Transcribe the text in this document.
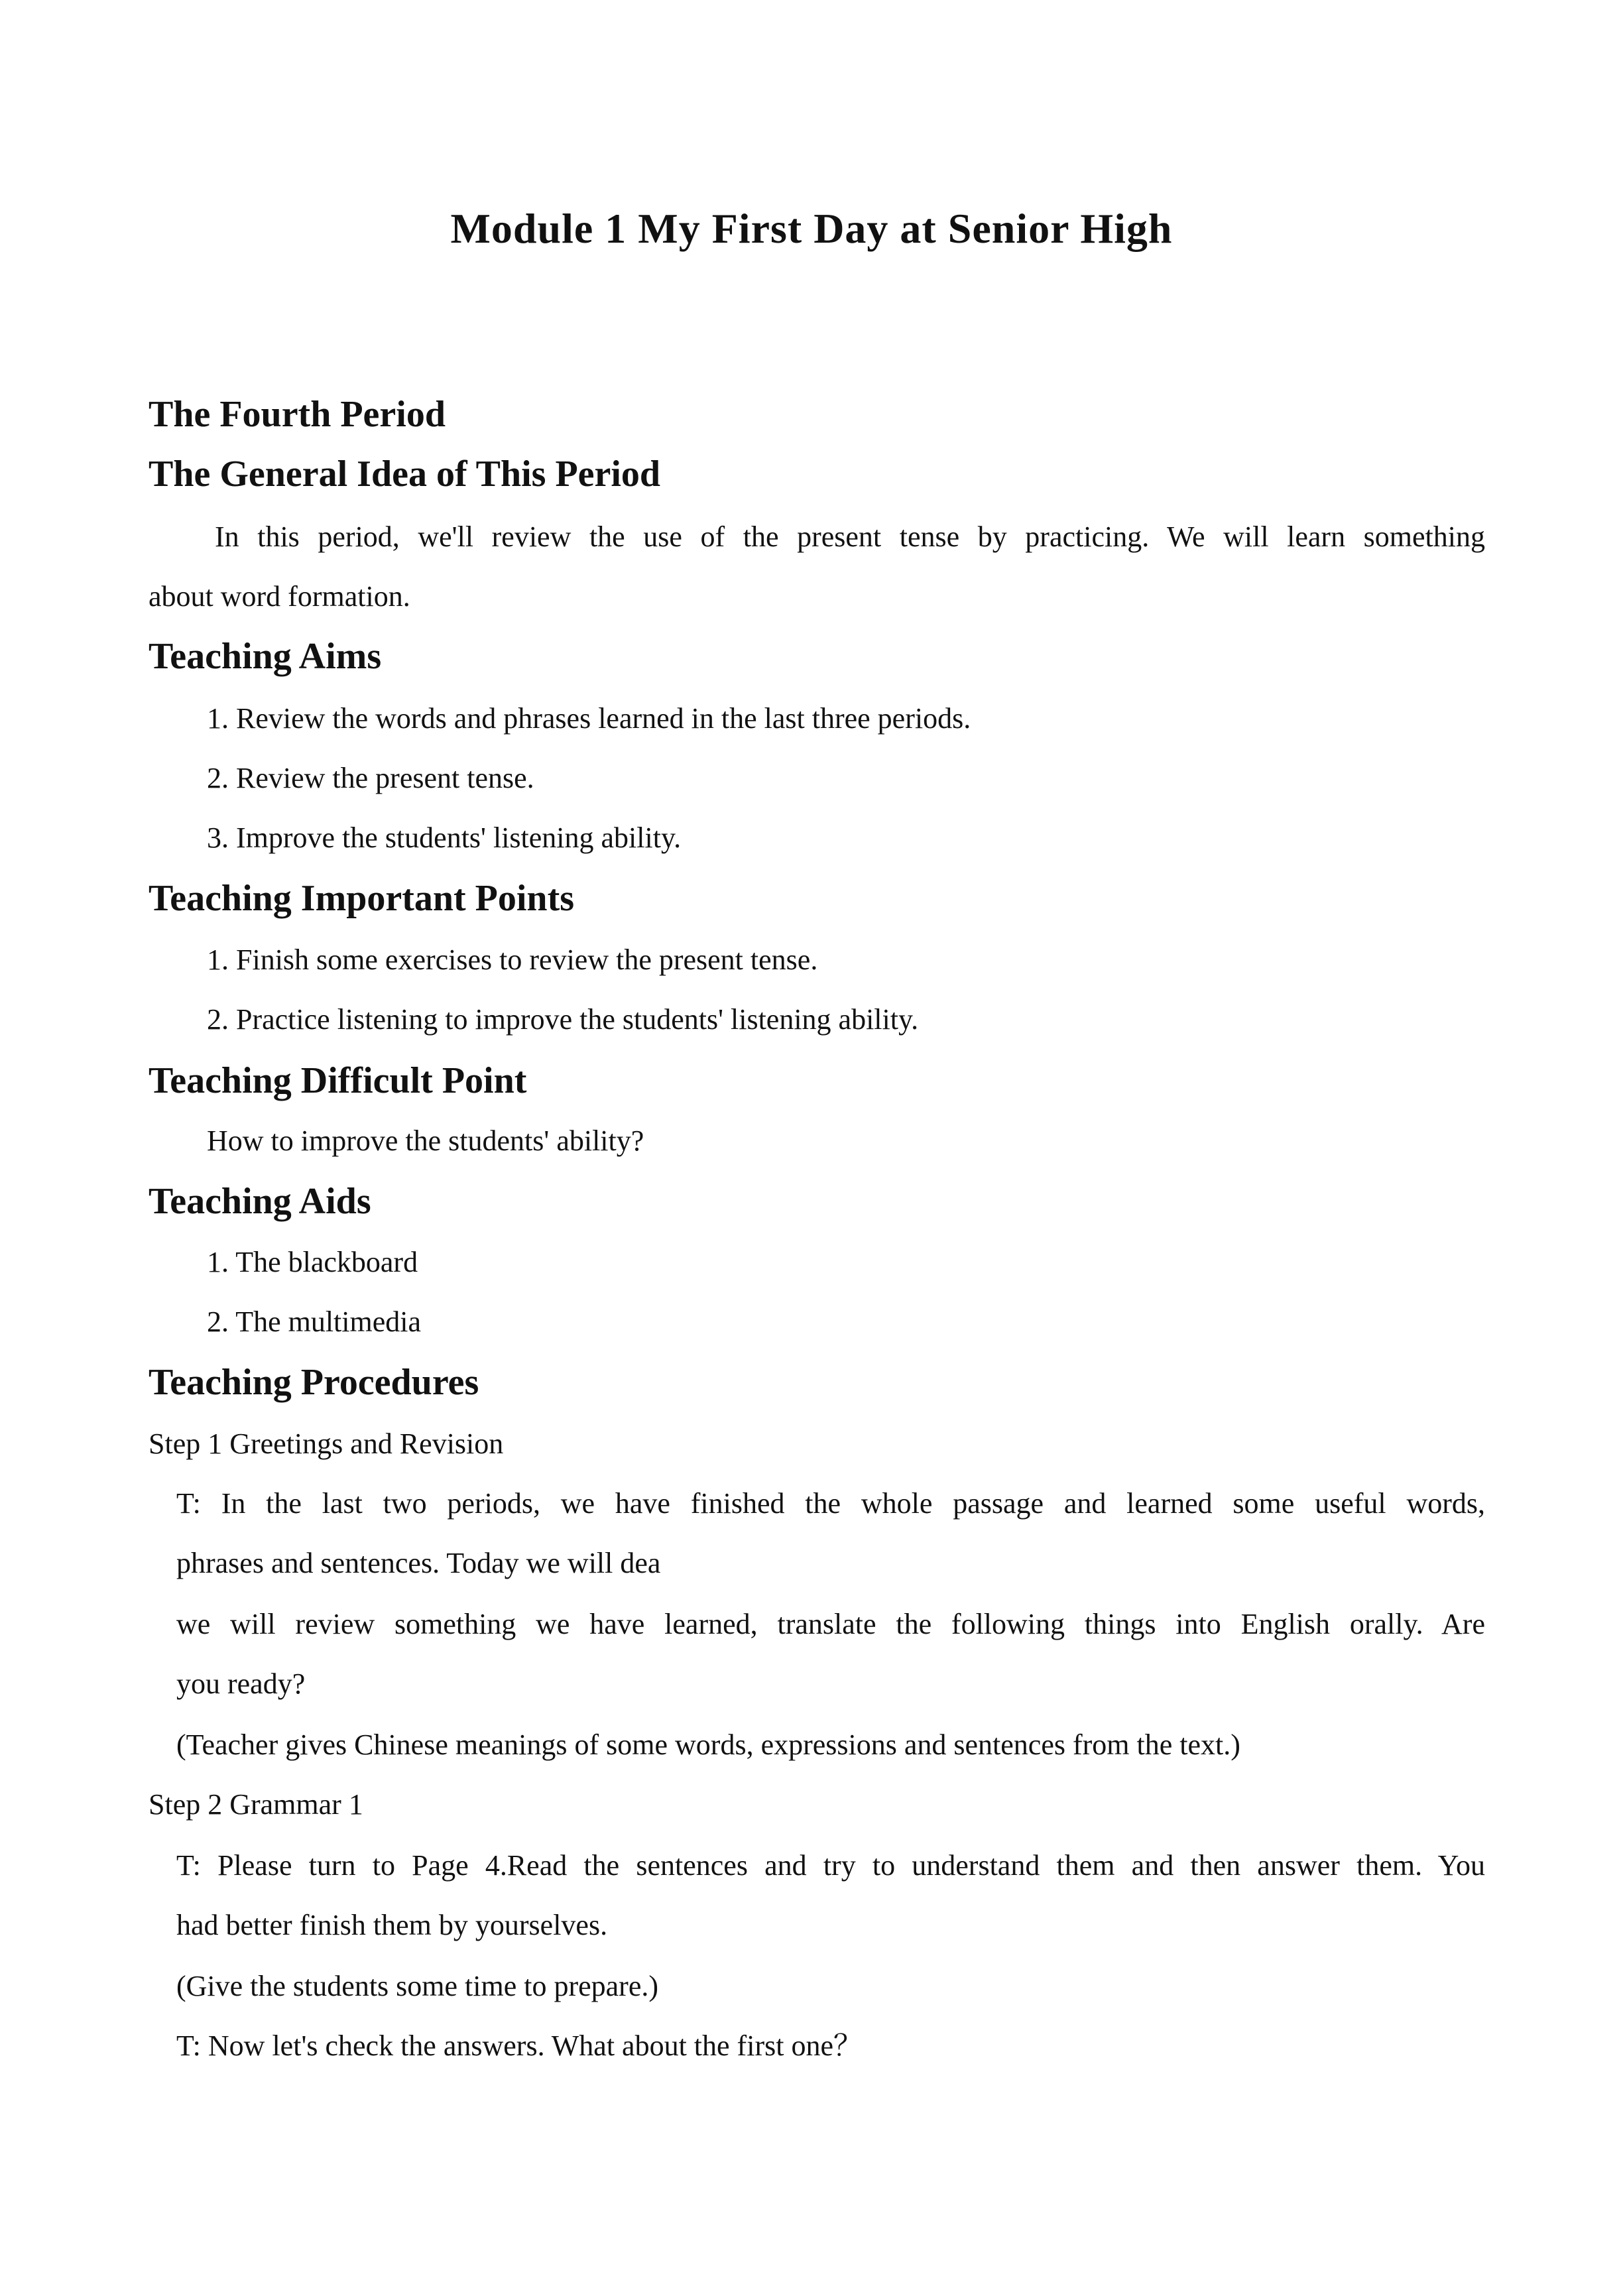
Module 1 My First Day at Senior High
The Fourth Period
The General Idea of This Period
In this period, we'll review the use of the present tense by practicing. We will learn something
about word formation.
Teaching Aims
1. Review the words and phrases learned in the last three periods.
2. Review the present tense.
3. Improve the students' listening ability.
Teaching Important Points
1. Finish some exercises to review the present tense.
2. Practice listening to improve the students' listening ability.
Teaching Difficult Point
How to improve the students' ability?
Teaching Aids
1. The blackboard
2. The multimedia
Teaching Procedures
Step 1 Greetings and Revision
T: In the last two periods, we have finished the whole passage and learned some useful words,
phrases and sentences. Today we will dea
we will review something we have learned, translate the following things into English orally. Are
you ready?
(Teacher gives Chinese meanings of some words, expressions and sentences from the text.)
Step 2 Grammar 1
T: Please turn to Page 4.Read the sentences and try to understand them and then answer them. You
had better finish them by yourselves.
(Give the students some time to prepare.)
T: Now let's check the answers. What about the first one？
